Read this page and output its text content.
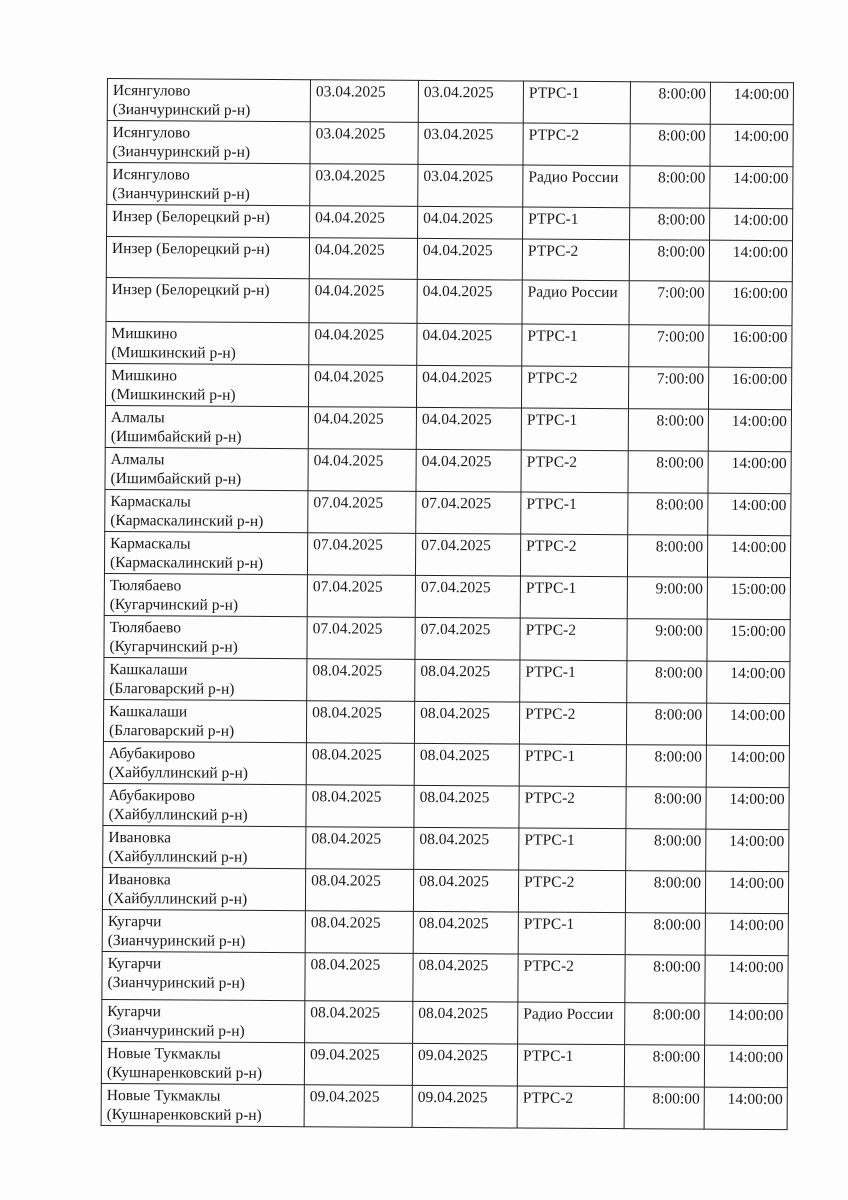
Исянгулово
(Зианчуринский р-н)	03.04.2025	03.04.2025	РТРС-1	8:00:00	14:00:00

Исянгулово
(Зианчуринский р-н)	03.04.2025	03.04.2025	РТРС-2	8:00:00	14:00:00

Исянгулово
(Зианчуринский р-н)	03.04.2025	03.04.2025	Радио России	8:00:00	14:00:00

Инзер (Белорецкий р-н)	04.04.2025	04.04.2025	РТРС-1	8:00:00	14:00:00

Инзер (Белорецкий р-н)	04.04.2025	04.04.2025	РТРС-2	8:00:00	14:00:00

Инзер (Белорецкий р-н)	04.04.2025	04.04.2025	Радио России	7:00:00	16:00:00

Мишкино
(Мишкинский р-н)	04.04.2025	04.04.2025	РТРС-1	7:00:00	16:00:00

Мишкино
(Мишкинский р-н)	04.04.2025	04.04.2025	РТРС-2	7:00:00	16:00:00

Алмалы
(Ишимбайский р-н)	04.04.2025	04.04.2025	РТРС-1	8:00:00	14:00:00

Алмалы
(Ишимбайский р-н)	04.04.2025	04.04.2025	РТРС-2	8:00:00	14:00:00

Кармаскалы
(Кармаскалинский р-н)	07.04.2025	07.04.2025	РТРС-1	8:00:00	14:00:00

Кармаскалы
(Кармаскалинский р-н)	07.04.2025	07.04.2025	РТРС-2	8:00:00	14:00:00

Тюлябаево
(Кугарчинский р-н)	07.04.2025	07.04.2025	РТРС-1	9:00:00	15:00:00

Тюлябаево
(Кугарчинский р-н)	07.04.2025	07.04.2025	РТРС-2	9:00:00	15:00:00

Кашкалаши
(Благоварский р-н)	08.04.2025	08.04.2025	РТРС-1	8:00:00	14:00:00

Кашкалаши
(Благоварский р-н)	08.04.2025	08.04.2025	РТРС-2	8:00:00	14:00:00

Абубакирово
(Хайбуллинский р-н)	08.04.2025	08.04.2025	РТРС-1	8:00:00	14:00:00

Абубакирово
(Хайбуллинский р-н)	08.04.2025	08.04.2025	РТРС-2	8:00:00	14:00:00

Ивановка
(Хайбуллинский р-н)	08.04.2025	08.04.2025	РТРС-1	8:00:00	14:00:00

Ивановка
(Хайбуллинский р-н)	08.04.2025	08.04.2025	РТРС-2	8:00:00	14:00:00

Кугарчи
(Зианчуринский р-н)	08.04.2025	08.04.2025	РТРС-1	8:00:00	14:00:00

Кугарчи
(Зианчуринский р-н)	08.04.2025	08.04.2025	РТРС-2	8:00:00	14:00:00

Кугарчи
(Зианчуринский р-н)	08.04.2025	08.04.2025	Радио России	8:00:00	14:00:00

Новые Тукмаклы
(Кушнаренковский р-н)	09.04.2025	09.04.2025	РТРС-1	8:00:00	14:00:00

Новые Тукмаклы
(Кушнаренковский р-н)	09.04.2025	09.04.2025	РТРС-2	8:00:00	14:00:00
